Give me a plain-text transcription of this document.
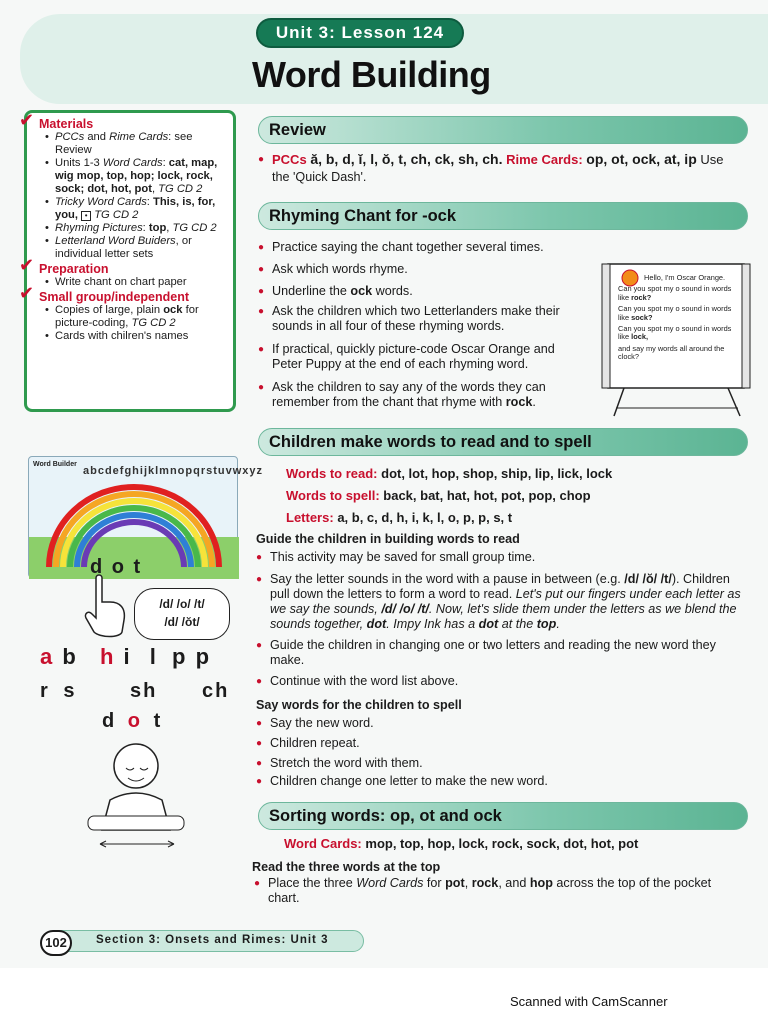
Unit 3: Lesson 124
Word Building
✔ Materials
• PCCs and Rime Cards: see Review
• Units 1-3 Word Cards: cat, map, wig mop, top, hop; lock, rock, sock; dot, hot, pot, TG CD 2
• Tricky Word Cards: This, is, for, you, • TG CD 2
• Rhyming Pictures: top, TG CD 2
• Letterland Word Buiders, or individual letter sets
✔ Preparation
• Write chant on chart paper
✔ Small group/independent
• Copies of large, plain ock for picture-coding, TG CD 2
• Cards with chilren's names
Review
● PCCs ă, b, d, ĭ, l, ŏ, t, ch, ck, sh, ch. Rime Cards: op, ot, ock, at, ip Use
the 'Quick Dash'.
Rhyming Chant for -ock
● Practice saying the chant together several times.
● Ask which words rhyme.
● Underline the ock words.
● Ask the children which two Letterlanders make their sounds in all four of these rhyming words.
● If practical, quickly picture-code Oscar Orange and Peter Puppy at the end of each rhyming word.
● Ask the children to say any of the words they can remember from the chant that rhyme with rock.
Hello, I'm Oscar Orange.
Can you spot my o sound in words like rock?
Can you spot my o sound in words like sock?
Can you spot my o sound in words like lock,
and say my words all around the clock?
Children make words to read and to spell
Words to read: dot, lot, hop, shop, ship, lip, lick, lock
Words to spell: back, bat, hat, hot, pot, pop, chop
Letters: a, b, c, d, h, i, k, l, o, p, p, s, t
Guide the children in building words to read
● This activity may be saved for small group time.
● Say the letter sounds in the word with a pause in between (e.g. /d/ /ŏ/ /t/). Children pull down the letters to form a word to read. Let's put our fingers under each letter as we say the sounds, /d/ /o/ /t/. Now, let's slide them under the letters as we blend the sounds together, dot. Impy Ink has a dot at the top.
● Guide the children in changing one or two letters and reading the new word they make.
● Continue with the word list above.
Say words for the children to spell
● Say the new word.
● Children repeat.
● Stretch the word with them.
● Children change one letter to make the new word.
Word Builder
abcdefghijklmnopqrstuvwxyz
d o t
/d/ /o/ /t/
/d/ /ŏt/
a b h i l p p
r s	sh ch
d o t
Sorting words: op, ot and ock
Word Cards: mop, top, hop, lock, rock, sock, dot, hot, pot
Read the three words at the top
● Place the three Word Cards for pot, rock, and hop across the top of the pocket chart.
102	Section 3: Onsets and Rimes: Unit 3
Scanned with CamScanner
